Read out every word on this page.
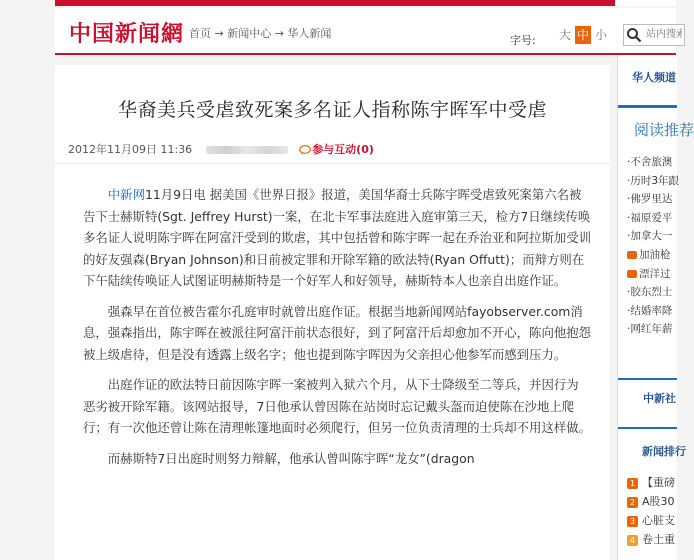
中国新闻網 首页 → 新闻中心 → 华人新闻
字号: 大 中 小
站内搜索
华裔美兵受虐致死案多名证人指称陈宇晖军中受虐
2012年11月09日 11:36	参与互动(0)

中新网11月9日电 据美国《世界日报》报道，美国华裔士兵陈宇晖受虐致死案第六名被告下士赫斯特(Sgt. Jeffrey Hurst)一案，在北卡军事法庭进入庭审第三天，检方7日继续传唤多名证人说明陈宇晖在阿富汗受到的欺虐，其中包括曾和陈宇晖一起在乔治亚和阿拉斯加受训的好友强森(Bryan Johnson)和日前被定罪和开除军籍的欧法特(Ryan Offutt)；而辩方则在下午陆续传唤证人试图证明赫斯特是一个好军人和好领导，赫斯特本人也亲自出庭作证。

强森早在首位被告霍尔孔庭审时就曾出庭作证。根据当地新闻网站fayobserver.com消息，强森指出，陈宇晖在被派往阿富汗前状态很好，到了阿富汗后却愈加不开心，陈向他抱怨被上级虐待，但是没有透露上级名字；他也提到陈宇晖因为父亲担心他参军而感到压力。

出庭作证的欧法特日前因陈宇晖一案被判入狱六个月，从下士降级至二等兵，并因行为恶劣被开除军籍。该网站报导，7日他承认曾因陈在站岗时忘记戴头盔而迫使陈在沙地上爬行；有一次他还曾让陈在清理帐篷地面时必须爬行，但另一位负责清理的士兵却不用这样做。

而赫斯特7日出庭时则努力辩解，他承认曾叫陈宇晖“龙女”(dragon

华人频道
阅读推荐
·不舍旅澳
·历时3年跟
·佛罗里达
·福原爱平
·加拿大一
加油枪
漂洋过
·胶东烈士
·结婚率降
·网红年薪
中新社
新闻排行
1 【重磅
2 A股30
3 心脏支
4 卷土重
